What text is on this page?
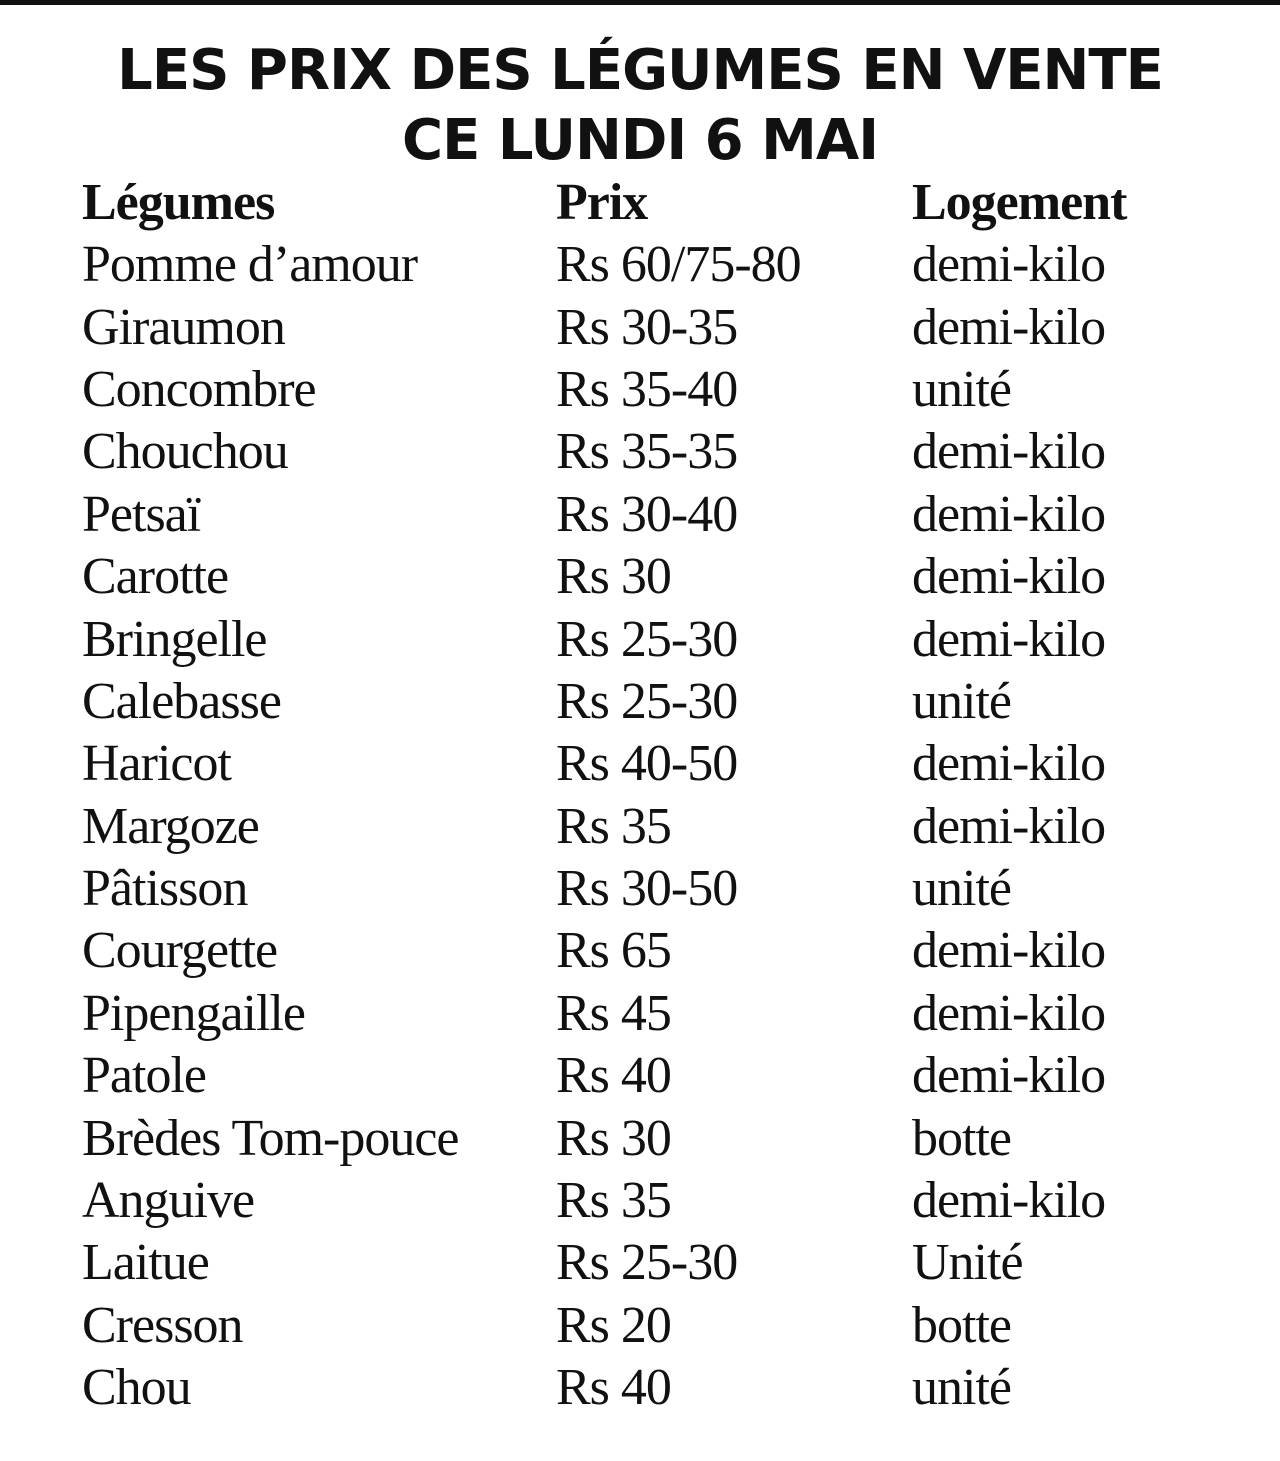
LES PRIX DES LÉGUMES EN VENTE
CE LUNDI 6 MAI
Légumes	Prix	Logement
Pomme d’amour	Rs 60/75-80	demi-kilo
Giraumon	Rs 30-35	demi-kilo
Concombre	Rs 35-40	unité
Chouchou	Rs 35-35	demi-kilo
Petsaï	Rs 30-40	demi-kilo
Carotte	Rs 30	demi-kilo
Bringelle	Rs 25-30	demi-kilo
Calebasse	Rs 25-30	unité
Haricot	Rs 40-50	demi-kilo
Margoze	Rs 35	demi-kilo
Pâtisson	Rs 30-50	unité
Courgette	Rs 65	demi-kilo
Pipengaille	Rs 45	demi-kilo
Patole	Rs 40	demi-kilo
Brèdes Tom-pouce	Rs 30	botte
Anguive	Rs 35	demi-kilo
Laitue	Rs 25-30	Unité
Cresson	Rs 20	botte
Chou	Rs 40	unité
